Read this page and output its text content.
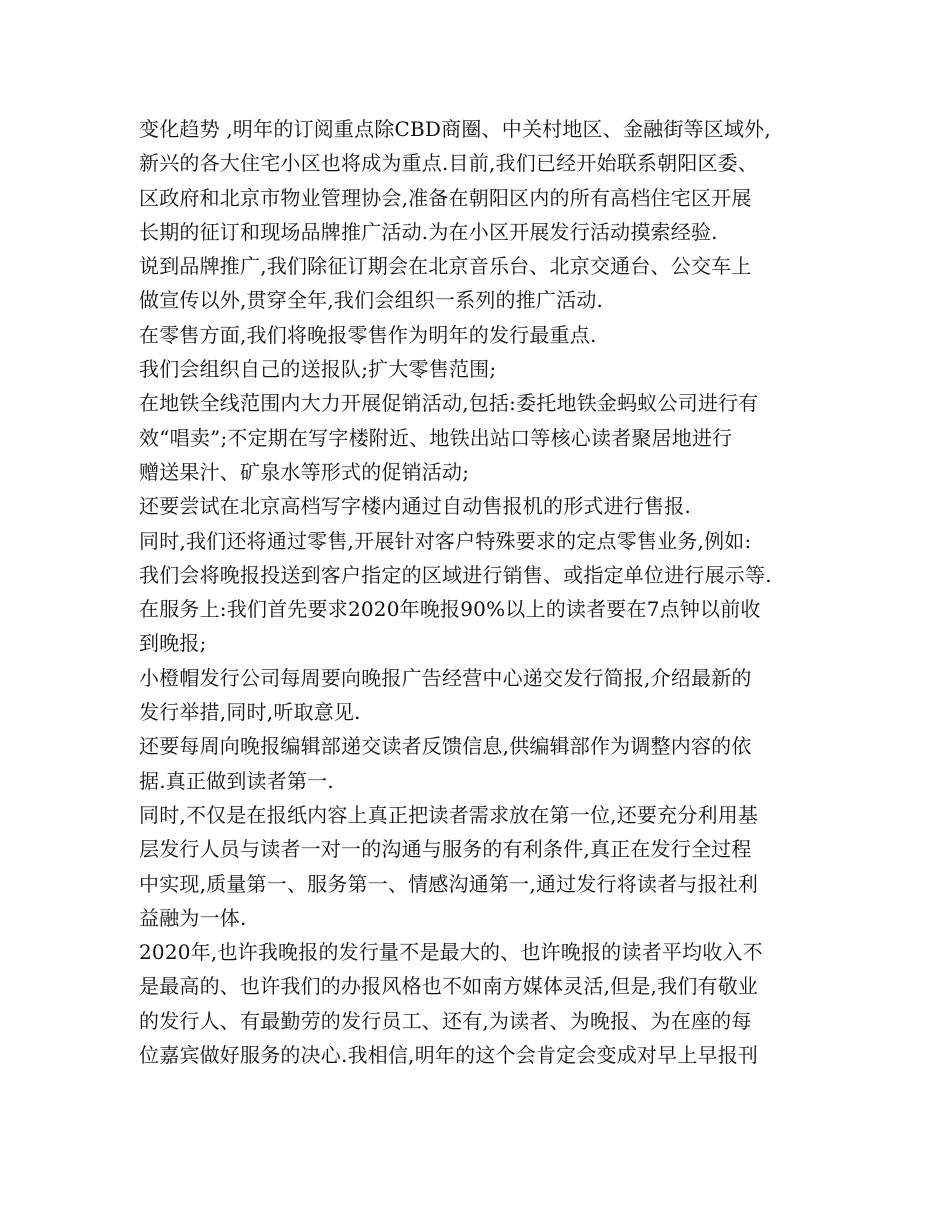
变化趋势 ,明年的订阅重点除CBD商圈、中关村地区、金融街等区域外,
新兴的各大住宅小区也将成为重点.目前,我们已经开始联系朝阳区委、
区政府和北京市物业管理协会,准备在朝阳区内的所有高档住宅区开展
长期的征订和现场品牌推广活动.为在小区开展发行活动摸索经验.
说到品牌推广,我们除征订期会在北京音乐台、北京交通台、公交车上
做宣传以外,贯穿全年,我们会组织一系列的推广活动.
在零售方面,我们将晚报零售作为明年的发行最重点.
我们会组织自己的送报队;扩大零售范围;
在地铁全线范围内大力开展促销活动,包括:委托地铁金蚂蚁公司进行有
效“唱卖”;不定期在写字楼附近、地铁出站口等核心读者聚居地进行
赠送果汁、矿泉水等形式的促销活动;
还要尝试在北京高档写字楼内通过自动售报机的形式进行售报.
同时,我们还将通过零售,开展针对客户特殊要求的定点零售业务,例如:
我们会将晚报投送到客户指定的区域进行销售、或指定单位进行展示等.
在服务上:我们首先要求2020年晚报90%以上的读者要在7点钟以前收
到晚报;
小橙帽发行公司每周要向晚报广告经营中心递交发行简报,介绍最新的
发行举措,同时,听取意见.
还要每周向晚报编辑部递交读者反馈信息,供编辑部作为调整内容的依
据.真正做到读者第一.
同时,不仅是在报纸内容上真正把读者需求放在第一位,还要充分利用基
层发行人员与读者一对一的沟通与服务的有利条件,真正在发行全过程
中实现,质量第一、服务第一、情感沟通第一,通过发行将读者与报社利
益融为一体.
2020年,也许我晚报的发行量不是最大的、也许晚报的读者平均收入不
是最高的、也许我们的办报风格也不如南方媒体灵活,但是,我们有敬业
的发行人、有最勤劳的发行员工、还有,为读者、为晚报、为在座的每
位嘉宾做好服务的决心.我相信,明年的这个会肯定会变成对早上早报刊
